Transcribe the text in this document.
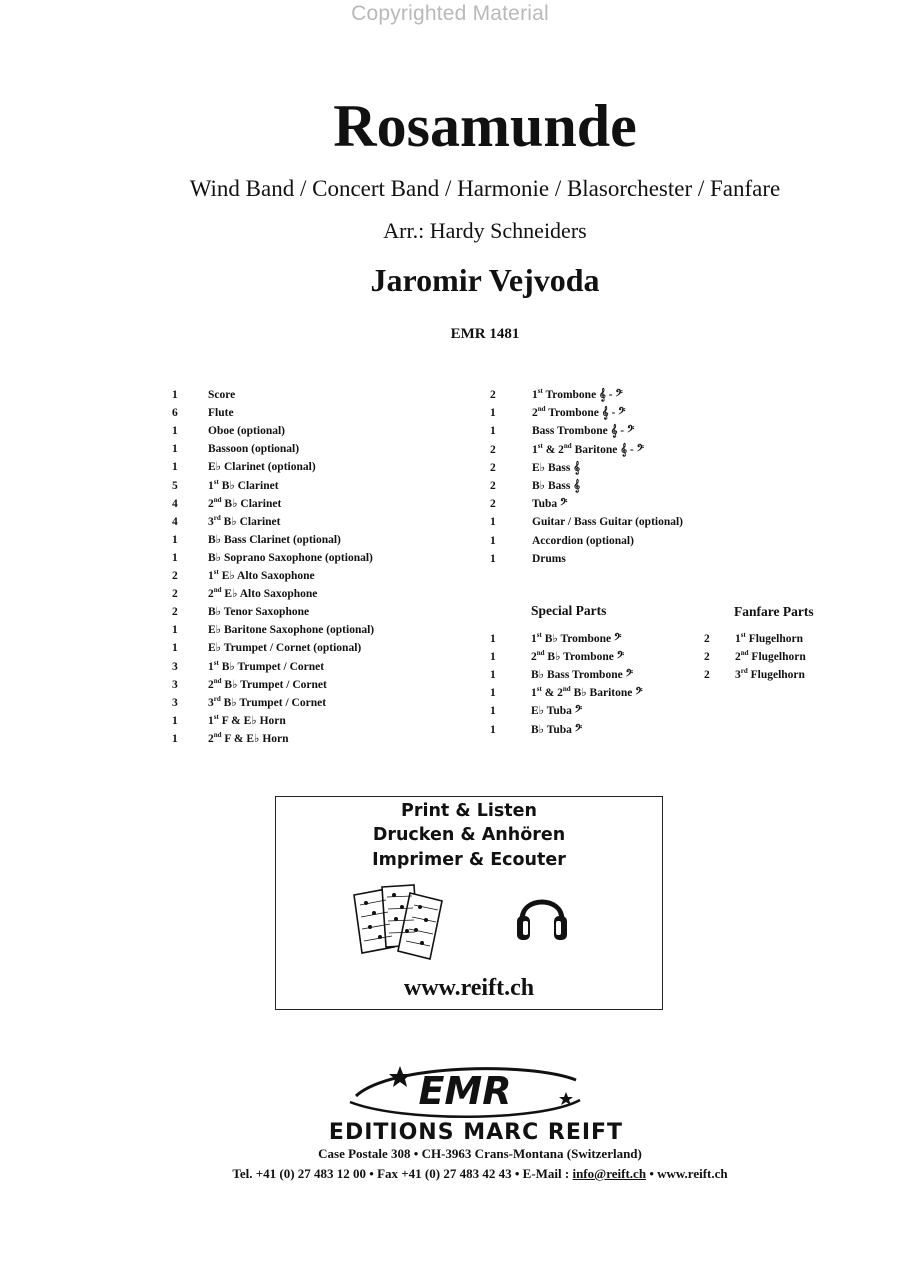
Copyrighted Material
Rosamunde
Wind Band / Concert Band / Harmonie / Blasorchester / Fanfare
Arr.: Hardy Schneiders
Jaromir Vejvoda
EMR 1481
1	Score
6	Flute
1	Oboe (optional)
1	Bassoon (optional)
1	E♭ Clarinet (optional)
5	1st B♭ Clarinet
4	2nd B♭ Clarinet
4	3rd B♭ Clarinet
1	B♭ Bass Clarinet (optional)
1	B♭ Soprano Saxophone (optional)
2	1st E♭ Alto Saxophone
2	2nd E♭ Alto Saxophone
2	B♭ Tenor Saxophone
1	E♭ Baritone Saxophone (optional)
1	E♭ Trumpet / Cornet (optional)
3	1st B♭ Trumpet / Cornet
3	2nd B♭ Trumpet / Cornet
3	3rd B♭ Trumpet / Cornet
1	1st F & E♭ Horn
1	2nd F & E♭ Horn
2	1st Trombone 𝄞 - 𝄢
1	2nd Trombone 𝄞 - 𝄢
1	Bass Trombone 𝄞 - 𝄢
2	1st & 2nd Baritone 𝄞 - 𝄢
2	E♭ Bass 𝄞
2	B♭ Bass 𝄞
2	Tuba 𝄢
1	Guitar / Bass Guitar (optional)
1	Accordion (optional)
1	Drums
Special Parts	Fanfare Parts
1	1st B♭ Trombone 𝄢
1	2nd B♭ Trombone 𝄢
1	B♭ Bass Trombone 𝄢
1	1st & 2nd B♭ Baritone 𝄢
1	E♭ Tuba 𝄢
1	B♭ Tuba 𝄢
2	1st Flugelhorn
2	2nd Flugelhorn
2	3rd Flugelhorn
Print & Listen
Drucken & Anhören
Imprimer & Ecouter
www.reift.ch
EMR
EDITIONS MARC REIFT
Case Postale 308 • CH-3963 Crans-Montana (Switzerland)
Tel. +41 (0) 27 483 12 00 • Fax +41 (0) 27 483 42 43 • E-Mail : info@reift.ch • www.reift.ch
